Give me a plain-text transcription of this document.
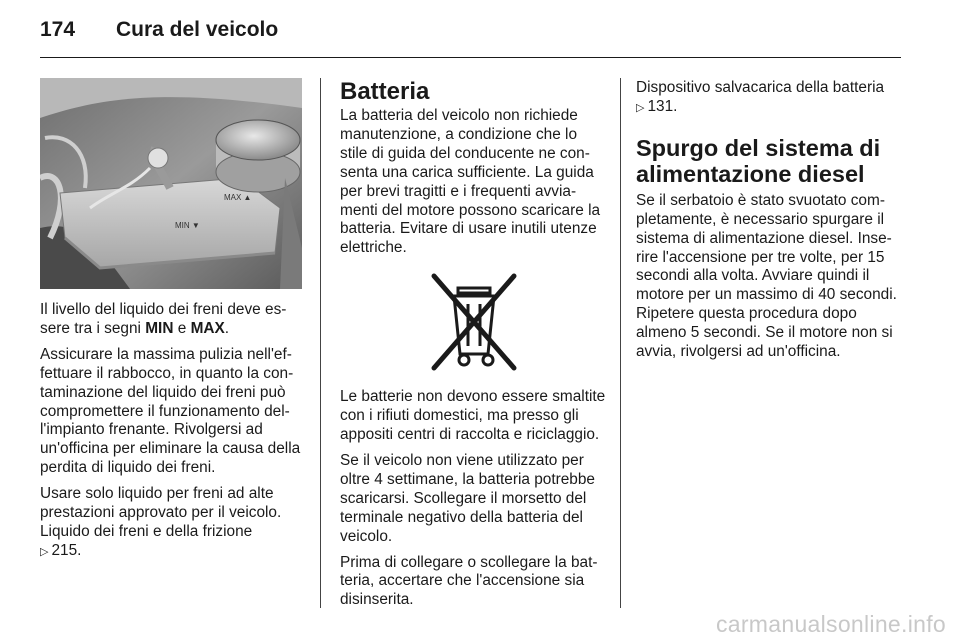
174	Cura del veicolo
MAX ▲
MIN ▼

Il livello del liquido dei freni deve essere tra i segni MIN e MAX.

Assicurare la massima pulizia nell'effettuare il rabbocco, in quanto la contaminazione del liquido dei freni può compromettere il funzionamento dell'impianto frenante. Rivolgersi ad un'officina per eliminare la causa della perdita di liquido dei freni.

Usare solo liquido per freni ad alte prestazioni approvato per il veicolo. Liquido dei freni e della frizione
▷ 215.

Batteria

La batteria del veicolo non richiede manutenzione, a condizione che lo stile di guida del conducente ne consenta una carica sufficiente. La guida per brevi tragitti e i frequenti avviamenti del motore possono scaricare la batteria. Evitare di usare inutili utenze elettriche.

Le batterie non devono essere smaltite con i rifiuti domestici, ma presso gli appositi centri di raccolta e riciclaggio.

Se il veicolo non viene utilizzato per oltre 4 settimane, la batteria potrebbe scaricarsi. Scollegare il morsetto del terminale negativo della batteria del veicolo.

Prima di collegare o scollegare la batteria, accertare che l'accensione sia disinserita.

Dispositivo salvacarica della batteria
▷ 131.

Spurgo del sistema di alimentazione diesel

Se il serbatoio è stato svuotato completamente, è necessario spurgare il sistema di alimentazione diesel. Inserire l'accensione per tre volte, per 15 secondi alla volta. Avviare quindi il motore per un massimo di 40 secondi. Ripetere questa procedura dopo almeno 5 secondi. Se il motore non si avvia, rivolgersi ad un'officina.

carmanualsonline.info
